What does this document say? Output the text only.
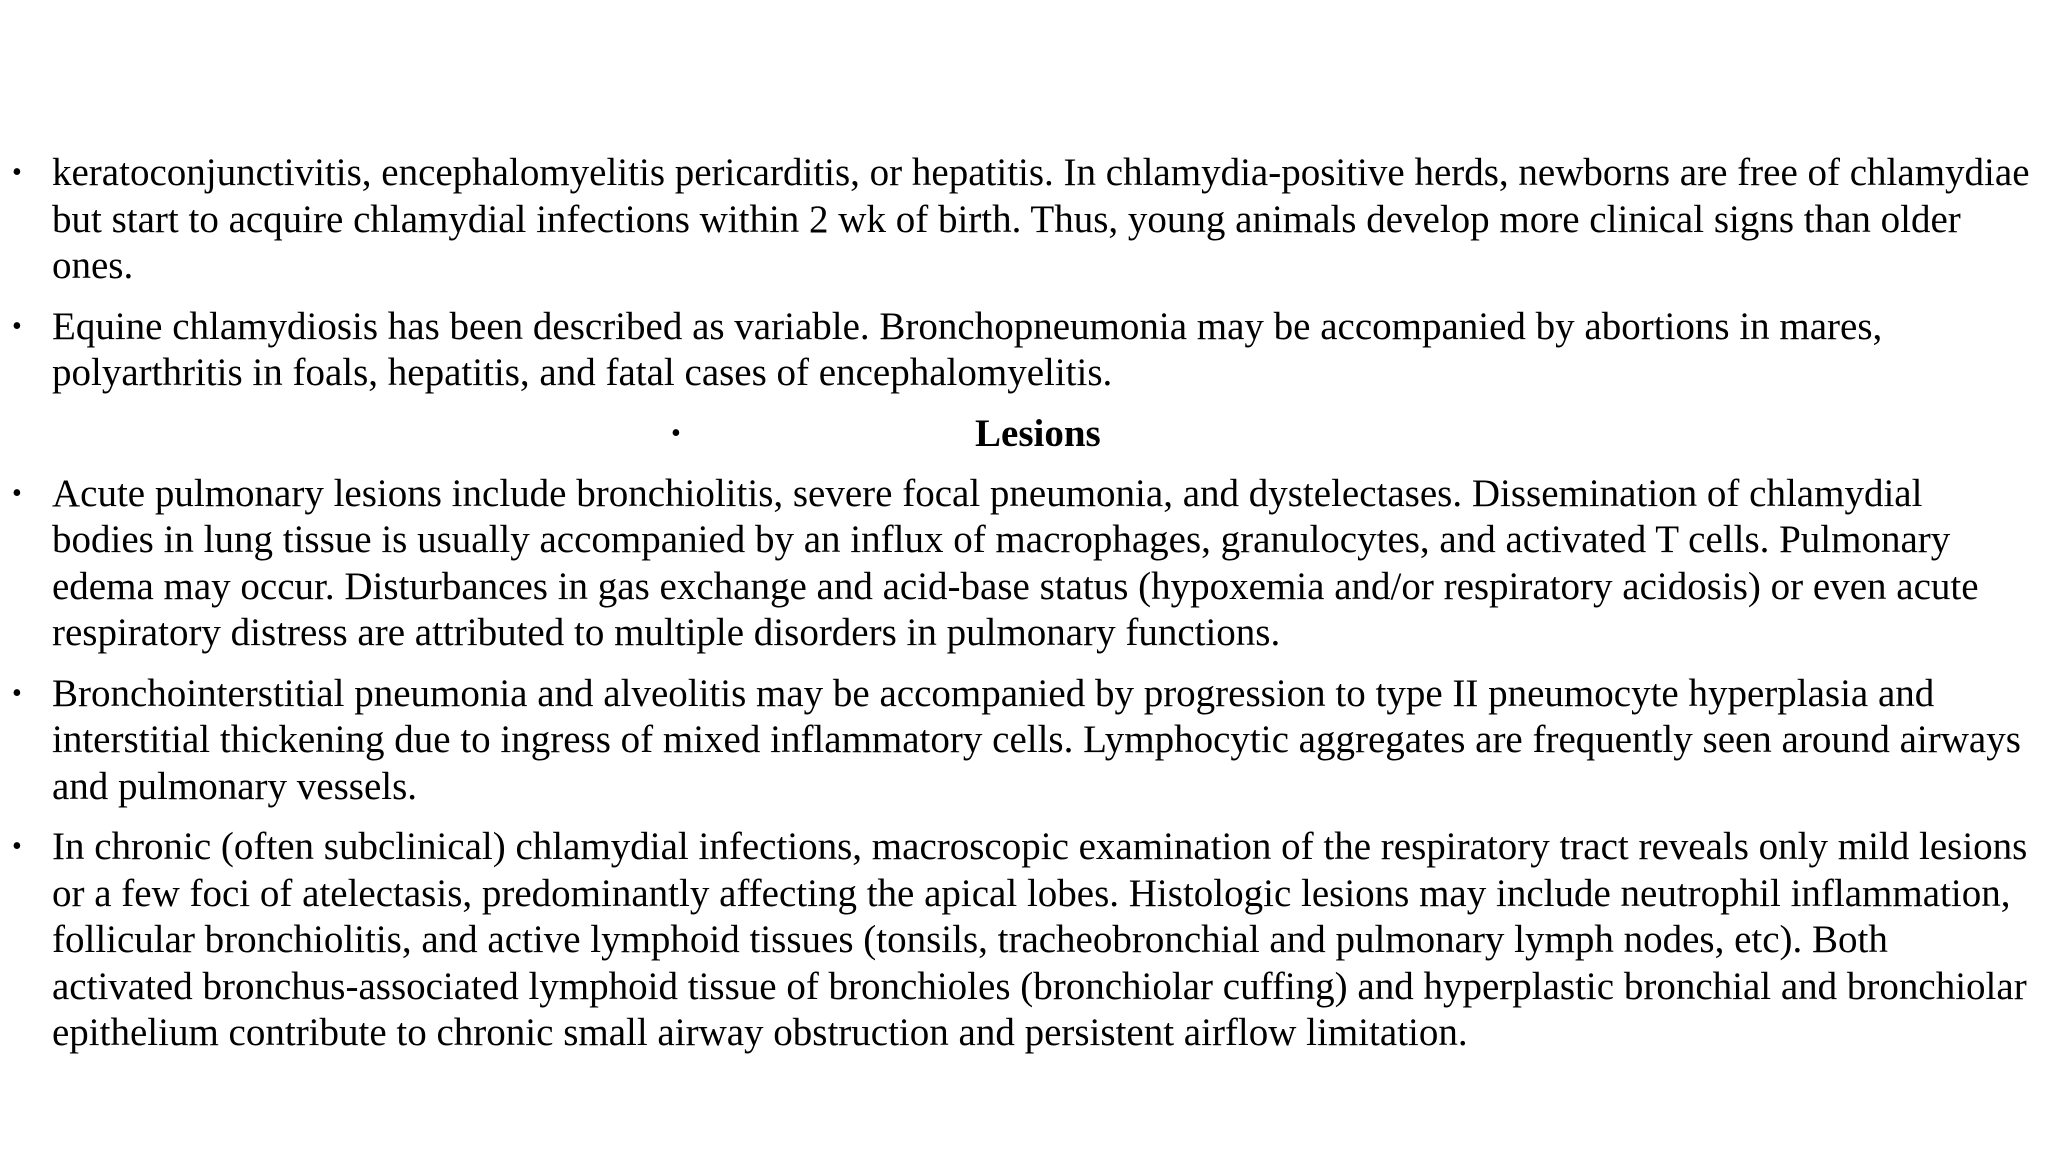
• keratoconjunctivitis, encephalomyelitis pericarditis, or hepatitis. In chlamydia-positive herds, newborns are free of chlamydiae but start to acquire chlamydial infections within 2 wk of birth. Thus, young animals develop more clinical signs than older ones.
• Equine chlamydiosis has been described as variable. Bronchopneumonia may be accompanied by abortions in mares, polyarthritis in foals, hepatitis, and fatal cases of encephalomyelitis.
•	Lesions
• Acute pulmonary lesions include bronchiolitis, severe focal pneumonia, and dystelectases. Dissemination of chlamydial bodies in lung tissue is usually accompanied by an influx of macrophages, granulocytes, and activated T cells. Pulmonary edema may occur. Disturbances in gas exchange and acid-base status (hypoxemia and/or respiratory acidosis) or even acute respiratory distress are attributed to multiple disorders in pulmonary functions.
• Bronchointerstitial pneumonia and alveolitis may be accompanied by progression to type II pneumocyte hyperplasia and interstitial thickening due to ingress of mixed inflammatory cells. Lymphocytic aggregates are frequently seen around airways and pulmonary vessels.
• In chronic (often subclinical) chlamydial infections, macroscopic examination of the respiratory tract reveals only mild lesions or a few foci of atelectasis, predominantly affecting the apical lobes. Histologic lesions may include neutrophil inflammation, follicular bronchiolitis, and active lymphoid tissues (tonsils, tracheobronchial and pulmonary lymph nodes, etc). Both activated bronchus-associated lymphoid tissue of bronchioles (bronchiolar cuffing) and hyperplastic bronchial and bronchiolar epithelium contribute to chronic small airway obstruction and persistent airflow limitation.
